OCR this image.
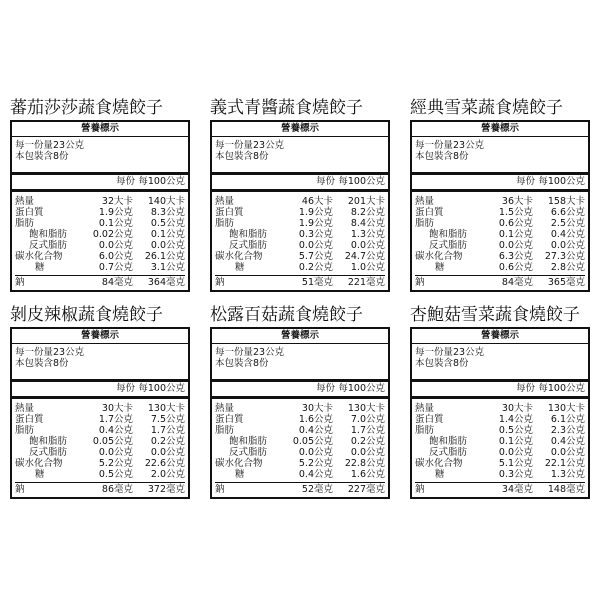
蕃茄莎莎蔬食燒餃子
營養標示
每一份量23公克
本包裝含8份
每份 每100公克
熱量	32大卡	140大卡
蛋白質	1.9公克	8.3公克
脂肪	0.1公克	0.5公克
飽和脂肪	0.02公克	0.1公克
反式脂肪	0.0公克	0.0公克
碳水化合物	6.0公克	26.1公克
糖	0.7公克	3.1公克
鈉	84毫克	364毫克
義式青醬蔬食燒餃子
營養標示
每一份量23公克
本包裝含8份
每份 每100公克
熱量	46大卡	201大卡
蛋白質	1.9公克	8.2公克
脂肪	1.9公克	8.4公克
飽和脂肪	0.3公克	1.3公克
反式脂肪	0.0公克	0.0公克
碳水化合物	5.7公克	24.7公克
糖	0.2公克	1.0公克
鈉	51毫克	221毫克
經典雪菜蔬食燒餃子
營養標示
每一份量23公克
本包裝含8份
每份 每100公克
熱量	36大卡	158大卡
蛋白質	1.5公克	6.6公克
脂肪	0.6公克	2.5公克
飽和脂肪	0.1公克	0.4公克
反式脂肪	0.0公克	0.0公克
碳水化合物	6.3公克	27.3公克
糖	0.6公克	2.8公克
鈉	84毫克	365毫克
剝皮辣椒蔬食燒餃子
營養標示
每一份量23公克
本包裝含8份
每份 每100公克
熱量	30大卡	130大卡
蛋白質	1.7公克	7.5公克
脂肪	0.4公克	1.7公克
飽和脂肪	0.05公克	0.2公克
反式脂肪	0.0公克	0.0公克
碳水化合物	5.2公克	22.6公克
糖	0.5公克	2.0公克
鈉	86毫克	372毫克
松露百菇蔬食燒餃子
營養標示
每一份量23公克
本包裝含8份
每份 每100公克
熱量	30大卡	130大卡
蛋白質	1.6公克	7.0公克
脂肪	0.4公克	1.7公克
飽和脂肪	0.05公克	0.2公克
反式脂肪	0.0公克	0.0公克
碳水化合物	5.2公克	22.8公克
糖	0.4公克	1.6公克
鈉	52毫克	227毫克
杏鮑菇雪菜蔬食燒餃子
營養標示
每一份量23公克
本包裝含8份
每份 每100公克
熱量	30大卡	130大卡
蛋白質	1.4公克	6.1公克
脂肪	0.5公克	2.3公克
飽和脂肪	0.1公克	0.4公克
反式脂肪	0.0公克	0.0公克
碳水化合物	5.1公克	22.1公克
糖	0.3公克	1.3公克
鈉	34毫克	148毫克
